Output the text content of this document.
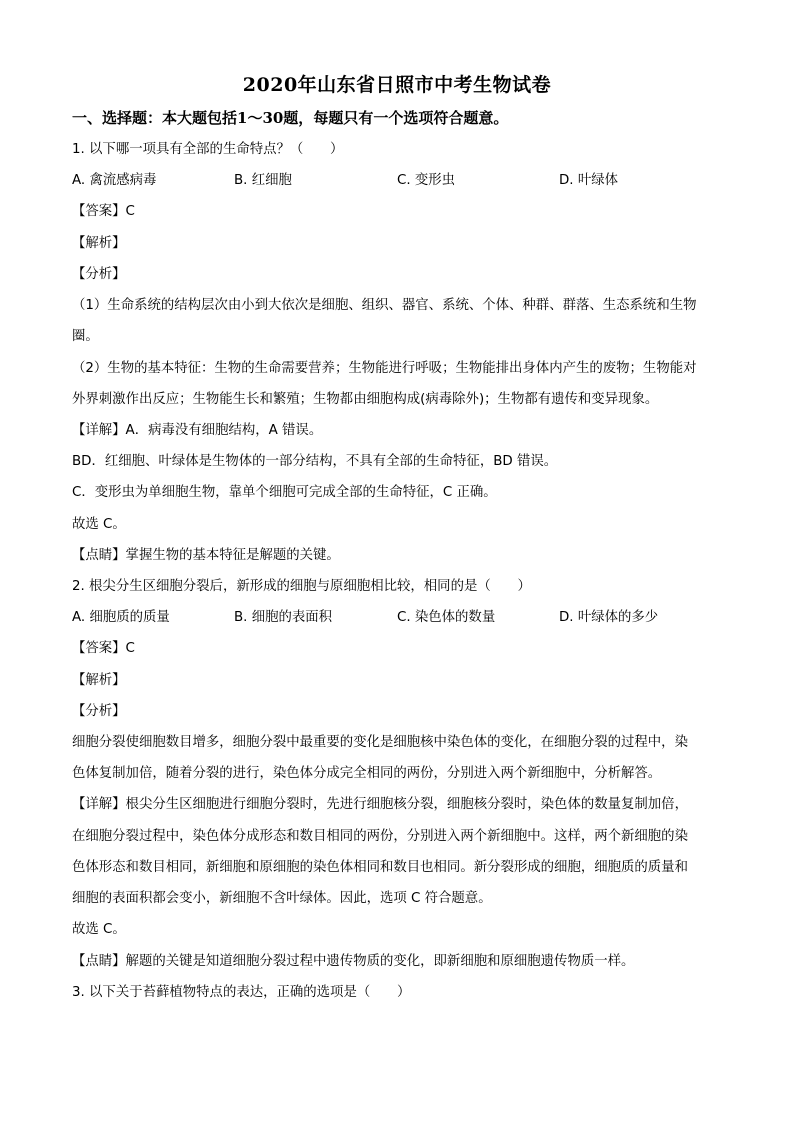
2020年山东省日照市中考生物试卷
一、选择题：本大题包括1～30题，每题只有一个选项符合题意。
1. 以下哪一项具有全部的生命特点？（　　）
A. 禽流感病毒	B. 红细胞	C. 变形虫	D. 叶绿体
【答案】C
【解析】
【分析】
（1）生命系统的结构层次由小到大依次是细胞、组织、器官、系统、个体、种群、群落、生态系统和生物
圈。
（2）生物的基本特征：生物的生命需要营养；生物能进行呼吸；生物能排出身体内产生的废物；生物能对
外界刺激作出反应；生物能生长和繁殖；生物都由细胞构成(病毒除外)；生物都有遗传和变异现象。
【详解】A．病毒没有细胞结构，A 错误。
BD．红细胞、叶绿体是生物体的一部分结构，不具有全部的生命特征，BD 错误。
C．变形虫为单细胞生物，靠单个细胞可完成全部的生命特征，C 正确。
故选 C。
【点睛】掌握生物的基本特征是解题的关键。
2. 根尖分生区细胞分裂后，新形成的细胞与原细胞相比较，相同的是（　　）
A. 细胞质的质量	B. 细胞的表面积	C. 染色体的数量	D. 叶绿体的多少
【答案】C
【解析】
【分析】
细胞分裂使细胞数目增多，细胞分裂中最重要的变化是细胞核中染色体的变化，在细胞分裂的过程中，染
色体复制加倍，随着分裂的进行，染色体分成完全相同的两份，分别进入两个新细胞中，分析解答。
【详解】根尖分生区细胞进行细胞分裂时，先进行细胞核分裂，细胞核分裂时，染色体的数量复制加倍，
在细胞分裂过程中，染色体分成形态和数目相同的两份，分别进入两个新细胞中。这样，两个新细胞的染
色体形态和数目相同，新细胞和原细胞的染色体相同和数目也相同。新分裂形成的细胞，细胞质的质量和
细胞的表面积都会变小，新细胞不含叶绿体。因此，选项 C 符合题意。
故选 C。
【点睛】解题的关键是知道细胞分裂过程中遗传物质的变化，即新细胞和原细胞遗传物质一样。
3. 以下关于苔藓植物特点的表达，正确的选项是（　　）
